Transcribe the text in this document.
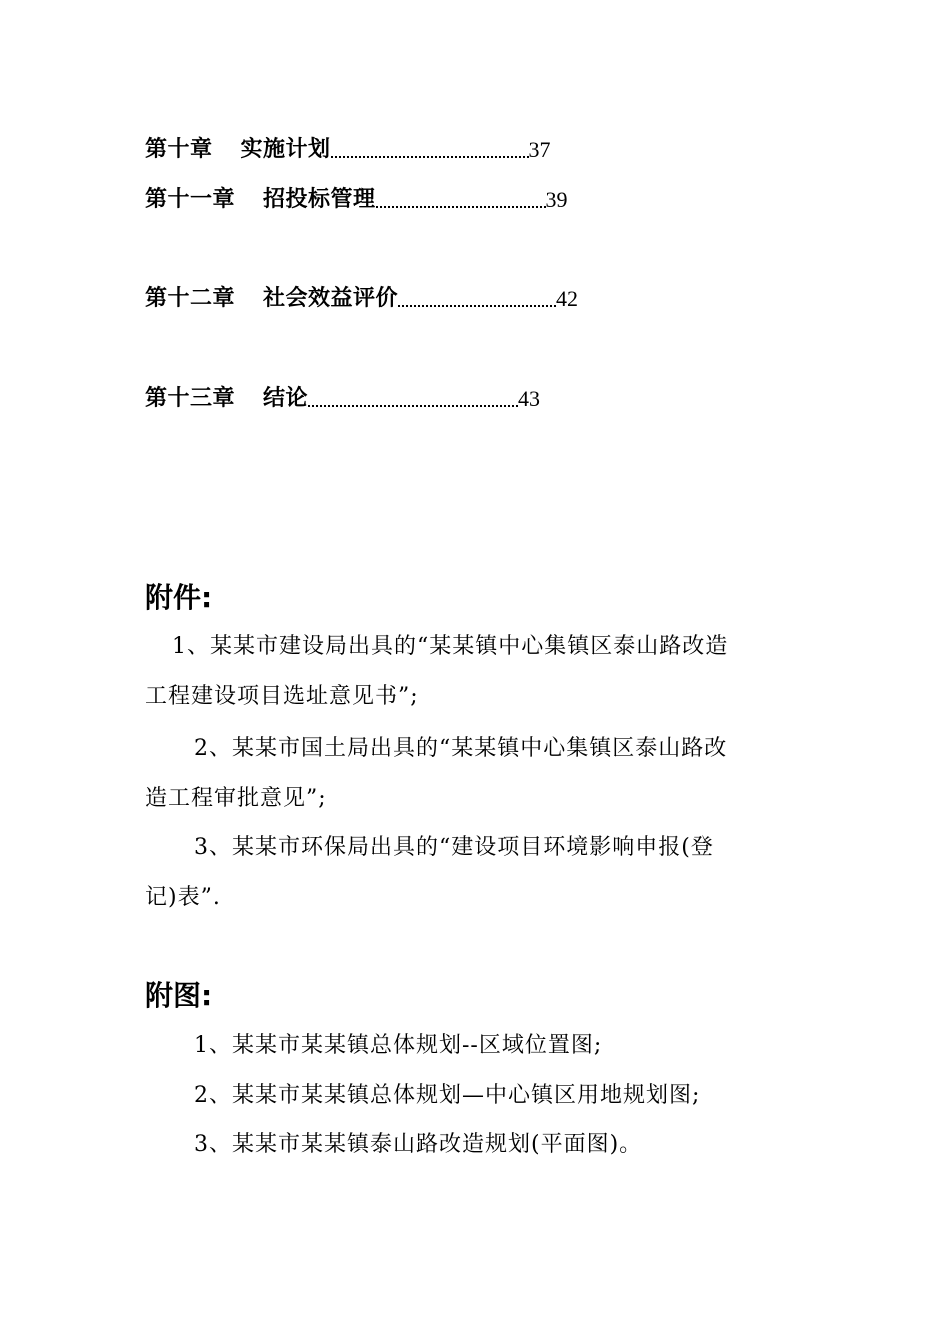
第十章 实施计划	37
第十一章 招投标管理	39
第十二章 社会效益评价	42
第十三章 结论	43
附件:
1、某某市建设局出具的“某某镇中心集镇区泰山路改造
工程建设项目选址意见书”;
2、某某市国土局出具的“某某镇中心集镇区泰山路改
造工程审批意见”;
3、某某市环保局出具的“建设项目环境影响申报(登
记)表”.
附图:
1、某某市某某镇总体规划--区域位置图;
2、某某市某某镇总体规划—中心镇区用地规划图;
3、某某市某某镇泰山路改造规划(平面图)。
